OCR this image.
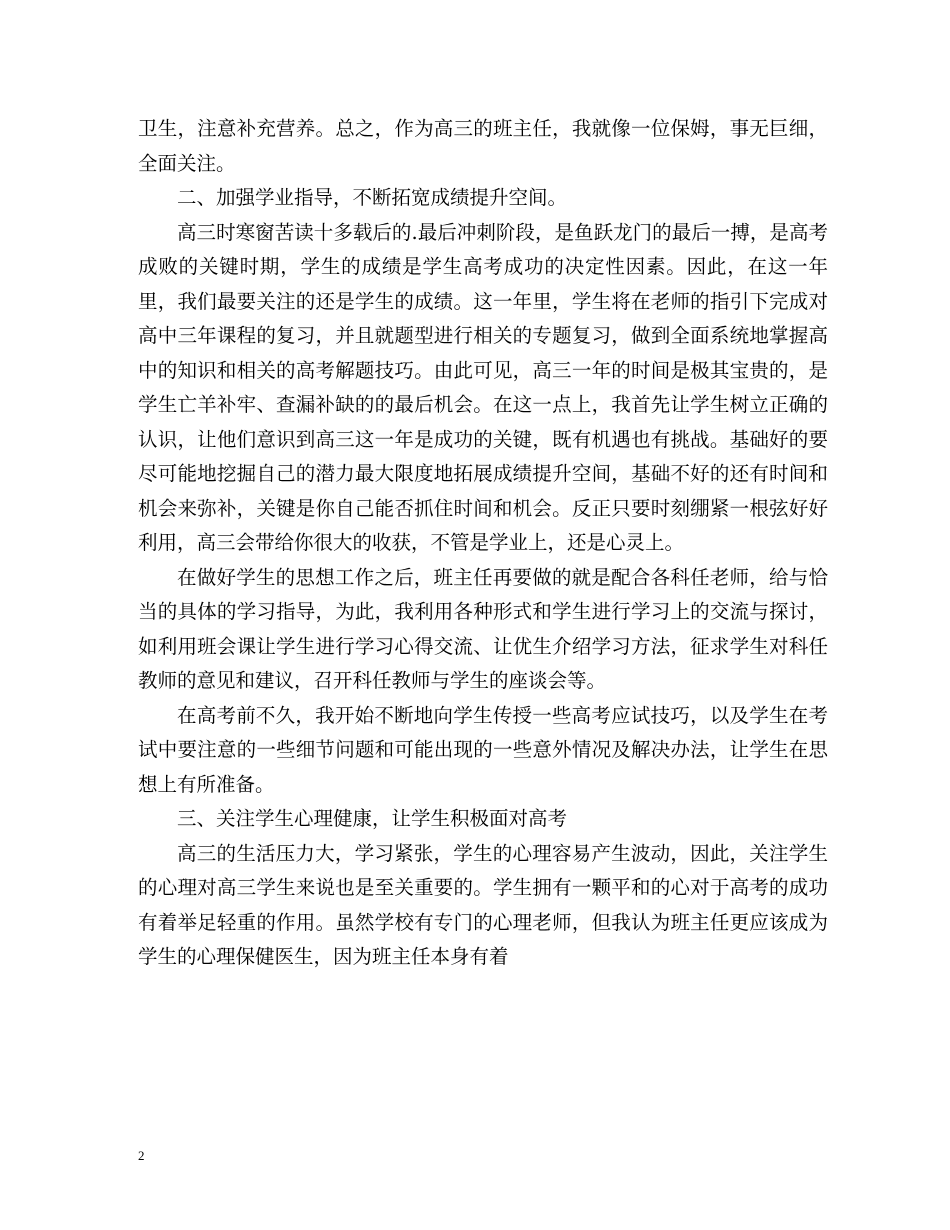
卫生，注意补充营养。总之，作为高三的班主任，我就像一位保姆，事无巨细，全面关注。

二、加强学业指导，不断拓宽成绩提升空间。

高三时寒窗苦读十多载后的.最后冲刺阶段，是鱼跃龙门的最后一搏，是高考成败的关键时期，学生的成绩是学生高考成功的决定性因素。因此，在这一年里，我们最要关注的还是学生的成绩。这一年里，学生将在老师的指引下完成对高中三年课程的复习，并且就题型进行相关的专题复习，做到全面系统地掌握高中的知识和相关的高考解题技巧。由此可见，高三一年的时间是极其宝贵的，是学生亡羊补牢、查漏补缺的的最后机会。在这一点上，我首先让学生树立正确的认识，让他们意识到高三这一年是成功的关键，既有机遇也有挑战。基础好的要尽可能地挖掘自己的潜力最大限度地拓展成绩提升空间，基础不好的还有时间和机会来弥补，关键是你自己能否抓住时间和机会。反正只要时刻绷紧一根弦好好利用，高三会带给你很大的收获，不管是学业上，还是心灵上。

在做好学生的思想工作之后，班主任再要做的就是配合各科任老师，给与恰当的具体的学习指导，为此，我利用各种形式和学生进行学习上的交流与探讨，如利用班会课让学生进行学习心得交流、让优生介绍学习方法，征求学生对科任教师的意见和建议，召开科任教师与学生的座谈会等。

在高考前不久，我开始不断地向学生传授一些高考应试技巧，以及学生在考试中要注意的一些细节问题和可能出现的一些意外情况及解决办法，让学生在思想上有所准备。

三、关注学生心理健康，让学生积极面对高考

高三的生活压力大，学习紧张，学生的心理容易产生波动，因此，关注学生的心理对高三学生来说也是至关重要的。学生拥有一颗平和的心对于高考的成功有着举足轻重的作用。虽然学校有专门的心理老师，但我认为班主任更应该成为学生的心理保健医生，因为班主任本身有着

2
